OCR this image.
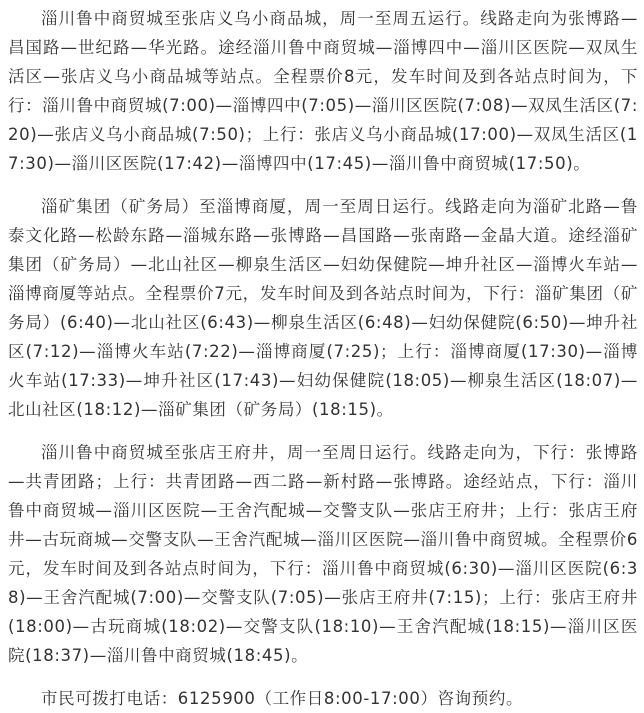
淄川鲁中商贸城至张店义乌小商品城，周一至周五运行。线路走向为张博路—昌国路—世纪路—华光路。途经淄川鲁中商贸城—淄博四中—淄川区医院—双凤生活区—张店义乌小商品城等站点。全程票价8元，发车时间及到各站点时间为，下行：淄川鲁中商贸城(7:00)—淄博四中(7:05)—淄川区医院(7:08)—双凤生活区(7:20)—张店义乌小商品城(7:50)；上行：张店义乌小商品城(17:00)—双凤生活区(17:30)—淄川区医院(17:42)—淄博四中(17:45)—淄川鲁中商贸城(17:50)。

淄矿集团（矿务局）至淄博商厦，周一至周日运行。线路走向为淄矿北路—鲁泰文化路—松龄东路—淄城东路—张博路—昌国路—张南路—金晶大道。途经淄矿集团（矿务局）—北山社区—柳泉生活区—妇幼保健院—坤升社区—淄博火车站—淄博商厦等站点。全程票价7元，发车时间及到各站点时间为，下行：淄矿集团（矿务局）(6:40)—北山社区(6:43)—柳泉生活区(6:48)—妇幼保健院(6:50)—坤升社区(7:12)—淄博火车站(7:22)—淄博商厦(7:25)；上行：淄博商厦(17:30)—淄博火车站(17:33)—坤升社区(17:43)—妇幼保健院(18:05)—柳泉生活区(18:07)—北山社区(18:12)—淄矿集团（矿务局）(18:15)。

淄川鲁中商贸城至张店王府井，周一至周日运行。线路走向为，下行：张博路—共青团路；上行：共青团路—西二路—新村路—张博路。途经站点，下行：淄川鲁中商贸城—淄川区医院—王舍汽配城—交警支队—张店王府井；上行：张店王府井—古玩商城—交警支队—王舍汽配城—淄川区医院—淄川鲁中商贸城。全程票价6元，发车时间及到各站点时间为，下行：淄川鲁中商贸城(6:30)—淄川区医院(6:38)—王舍汽配城(7:00)—交警支队(7:05)—张店王府井(7:15)；上行：张店王府井(18:00)—古玩商城(18:02)—交警支队(18:10)—王舍汽配城(18:15)—淄川区医院(18:37)—淄川鲁中商贸城(18:45)。

市民可拨打电话：6125900（工作日8:00-17:00）咨询预约。
